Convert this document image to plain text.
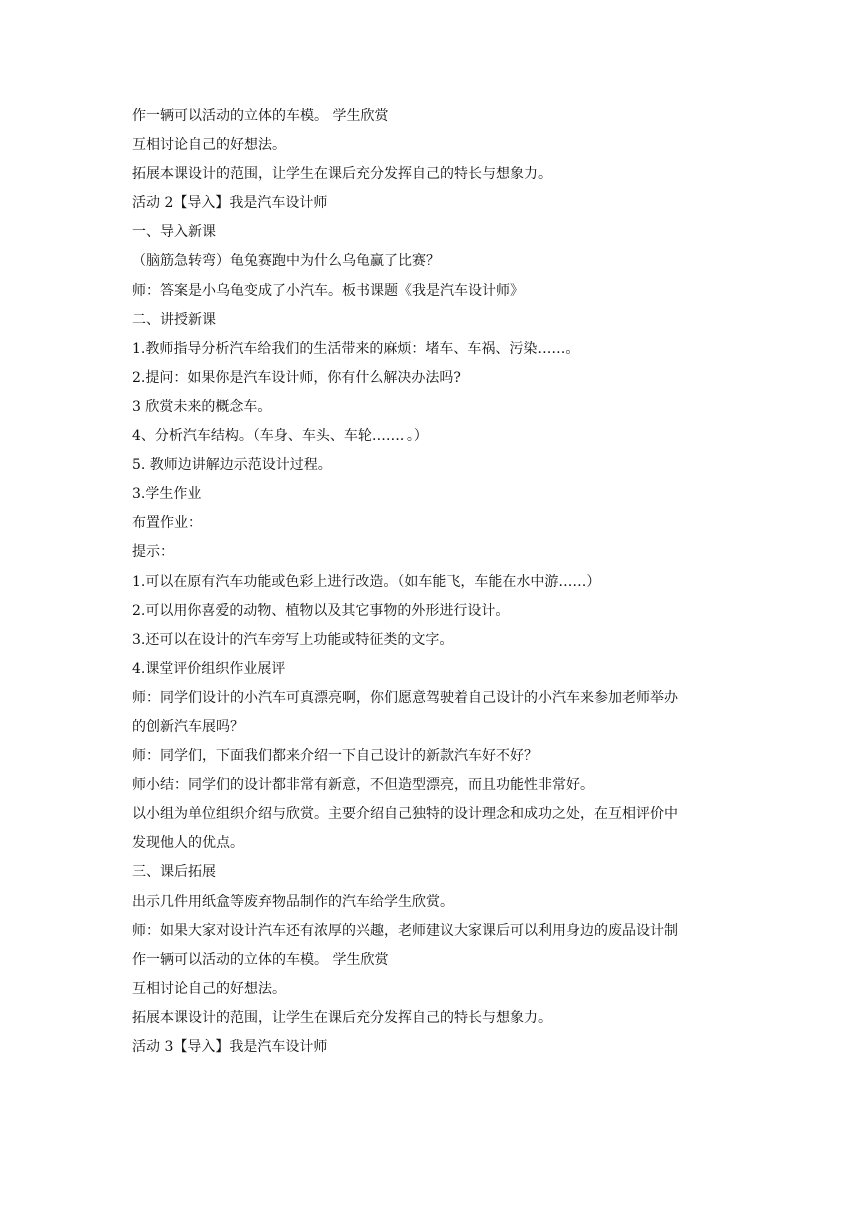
作一辆可以活动的立体的车模。 学生欣赏
互相讨论自己的好想法。
拓展本课设计的范围，让学生在课后充分发挥自己的特长与想象力。
活动 2【导入】我是汽车设计师
一、导入新课
（脑筋急转弯）龟兔赛跑中为什么乌龟赢了比赛？
师：答案是小乌龟变成了小汽车。板书课题《我是汽车设计师》
二、讲授新课
1.教师指导分析汽车给我们的生活带来的麻烦：堵车、车祸、污染……。
2.提问：如果你是汽车设计师，你有什么解决办法吗?
3 欣赏未来的概念车。
4、分析汽车结构。（车身、车头、车轮……．。）
5. 教师边讲解边示范设计过程。
3.学生作业
布置作业：
提示：
1.可以在原有汽车功能或色彩上进行改造。（如车能飞，车能在水中游……）
2.可以用你喜爱的动物、植物以及其它事物的外形进行设计。
3.还可以在设计的汽车旁写上功能或特征类的文字。
4.课堂评价组织作业展评
师：同学们设计的小汽车可真漂亮啊，你们愿意驾驶着自己设计的小汽车来参加老师举办
的创新汽车展吗？
师：同学们，下面我们都来介绍一下自己设计的新款汽车好不好？
师小结：同学们的设计都非常有新意，不但造型漂亮，而且功能性非常好。
以小组为单位组织介绍与欣赏。主要介绍自己独特的设计理念和成功之处，在互相评价中
发现他人的优点。
三、课后拓展
出示几件用纸盒等废弃物品制作的汽车给学生欣赏。
师：如果大家对设计汽车还有浓厚的兴趣，老师建议大家课后可以利用身边的废品设计制
作一辆可以活动的立体的车模。 学生欣赏
互相讨论自己的好想法。
拓展本课设计的范围，让学生在课后充分发挥自己的特长与想象力。
活动 3【导入】我是汽车设计师
